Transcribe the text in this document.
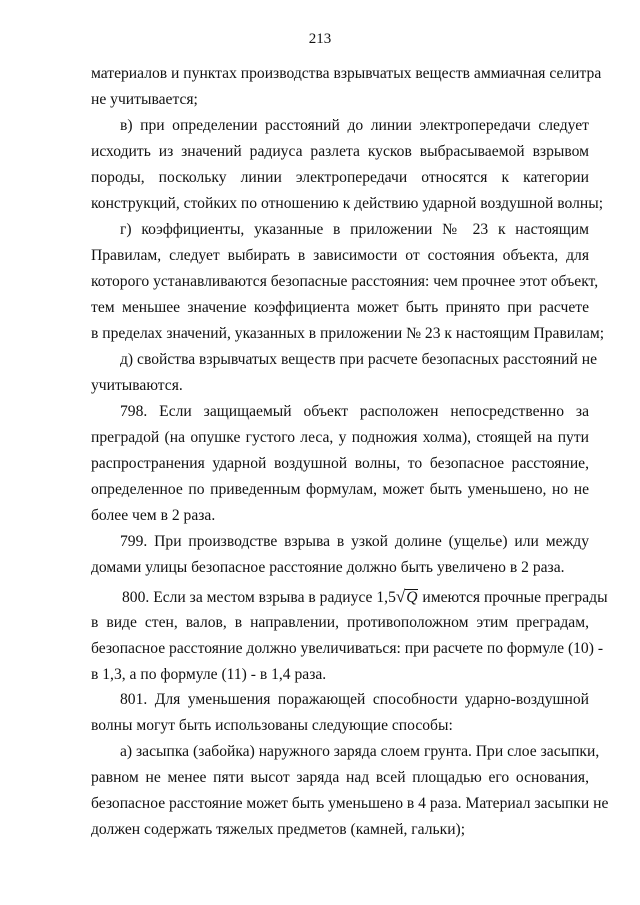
213
материалов и пунктах производства взрывчатых веществ аммиачная селитра
не учитывается;
в) при определении расстояний до линии электропередачи следует
исходить из значений радиуса разлета кусков выбрасываемой взрывом
породы, поскольку линии электропередачи относятся к категории
конструкций, стойких по отношению к действию ударной воздушной волны;
г) коэффициенты, указанные в приложении № 23 к настоящим
Правилам, следует выбирать в зависимости от состояния объекта, для
которого устанавливаются безопасные расстояния: чем прочнее этот объект,
тем меньшее значение коэффициента может быть принято при расчете
в пределах значений, указанных в приложении № 23 к настоящим Правилам;
д) свойства взрывчатых веществ при расчете безопасных расстояний не
учитываются.
798. Если защищаемый объект расположен непосредственно за
преградой (на опушке густого леса, у подножия холма), стоящей на пути
распространения ударной воздушной волны, то безопасное расстояние,
определенное по приведенным формулам, может быть уменьшено, но не
более чем в 2 раза.
799. При производстве взрыва в узкой долине (ущелье) или между
домами улицы безопасное расстояние должно быть увеличено в 2 раза.
800. Если за местом взрыва в радиусе 1,5√Q имеются прочные преграды
в виде стен, валов, в направлении, противоположном этим преградам,
безопасное расстояние должно увеличиваться: при расчете по формуле (10) -
в 1,3, а по формуле (11) - в 1,4 раза.
801. Для уменьшения поражающей способности ударно-воздушной
волны могут быть использованы следующие способы:
а) засыпка (забойка) наружного заряда слоем грунта. При слое засыпки,
равном не менее пяти высот заряда над всей площадью его основания,
безопасное расстояние может быть уменьшено в 4 раза. Материал засыпки не
должен содержать тяжелых предметов (камней, гальки);
